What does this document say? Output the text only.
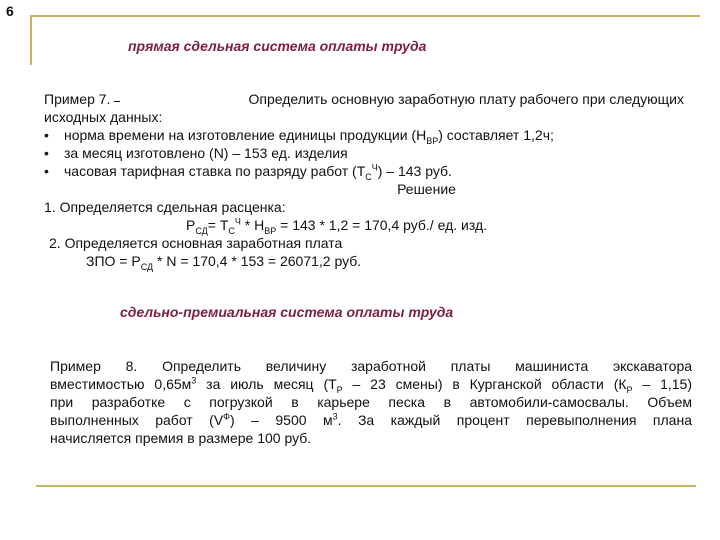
6
прямая сдельная система оплаты труда
Пример 7.	Определить основную заработную плату рабочего при следующих
исходных данных:
• норма времени на изготовление единицы продукции $(Н_{ВР})$ составляет 1,2ч;
• за месяц изготовлено (N) – 153 ед. изделия
• часовая тарифная ставка по разряду работ $(Т_С^Ч) - 143$ руб.
Решение
1. Определяется сдельная расценка:
$Р_{СД}= Т_С^Ч * Н_{ВР} = 143 * 1,2 = 170,4$ руб./ ед. изд.
2. Определяется основная заработная плата
ЗПО = $Р_{СД} * N = 170,4 * 153 = 26071,2$ руб.
сдельно-премиальная система оплаты труда
Пример 8. Определить величину заработной платы машиниста экскаватора
вместимостью $0,65м^3$ за июль месяц ($Т_Р - 23$ смены) в Курганской области $(К_Р - 1,15)$
при разработке с погрузкой в карьере песка в автомобили-самосвалы. Объем
выполненных работ $(V^Ф) - 9500$ $м^3$. За каждый процент перевыполнения плана
начисляется премия в размере 100 руб.
